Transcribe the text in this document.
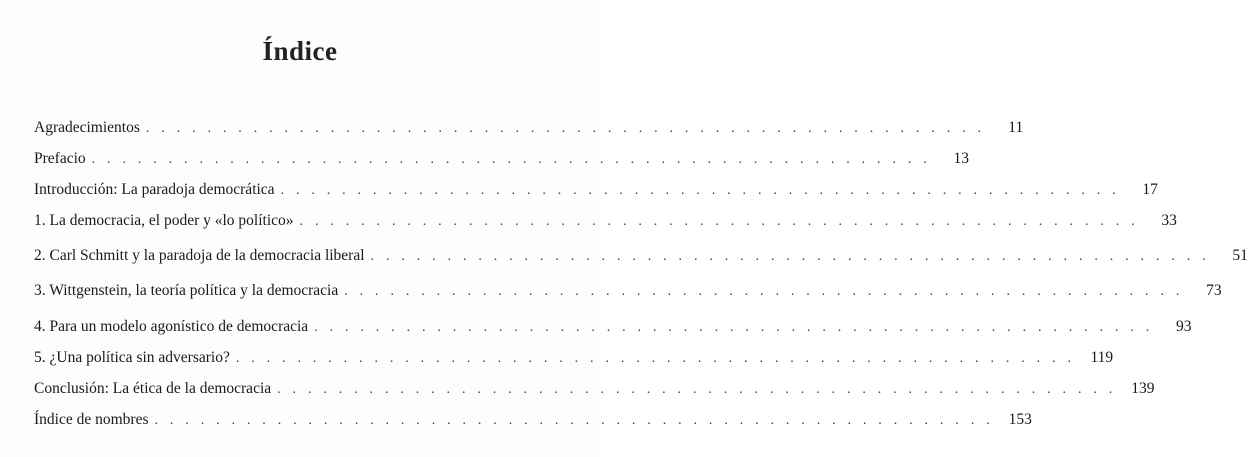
Índice
Agradecimientos . . . . . . . . . . . . . . . . . . . . . . . . . . . . . . . . . . . . . . . . . . . . . . . . . . . . . . .	11
Prefacio . . . . . . . . . . . . . . . . . . . . . . . . . . . . . . . . . . . . . . . . . . . . . . . . . . . . . . .	13
Introducción: La paradoja democrática . . . . . . . . . . . . . . . . . . . . . . . . . . . . . . . . . . . . . . . . . . . . . . . . . . . . . . .	17
1. La democracia, el poder y «lo político» . . . . . . . . . . . . . . . . . . . . . . . . . . . . . . . . . . . . . . . . . . . . . . . . . . . . . . .	33
2. Carl Schmitt y la paradoja de la democracia liberal . . . . . . . . . . . . . . . . . . . . . . . . . . . . . . . . . . . . . . . . . . . . . . . . . . . . . . .	51
3. Wittgenstein, la teoría política y la democracia . . . . . . . . . . . . . . . . . . . . . . . . . . . . . . . . . . . . . . . . . . . . . . . . . . . . . . .	73
4. Para un modelo agonístico de democracia . . . . . . . . . . . . . . . . . . . . . . . . . . . . . . . . . . . . . . . . . . . . . . . . . . . . . . .	93
5. ¿Una política sin adversario? . . . . . . . . . . . . . . . . . . . . . . . . . . . . . . . . . . . . . . . . . . . . . . . . . . . . . . . 119
Conclusión: La ética de la democracia . . . . . . . . . . . . . . . . . . . . . . . . . . . . . . . . . . . . . . . . . . . . . . . . . . . . . . . 139
Índice de nombres . . . . . . . . . . . . . . . . . . . . . . . . . . . . . . . . . . . . . . . . . . . . . . . . . . . . . . . 153
